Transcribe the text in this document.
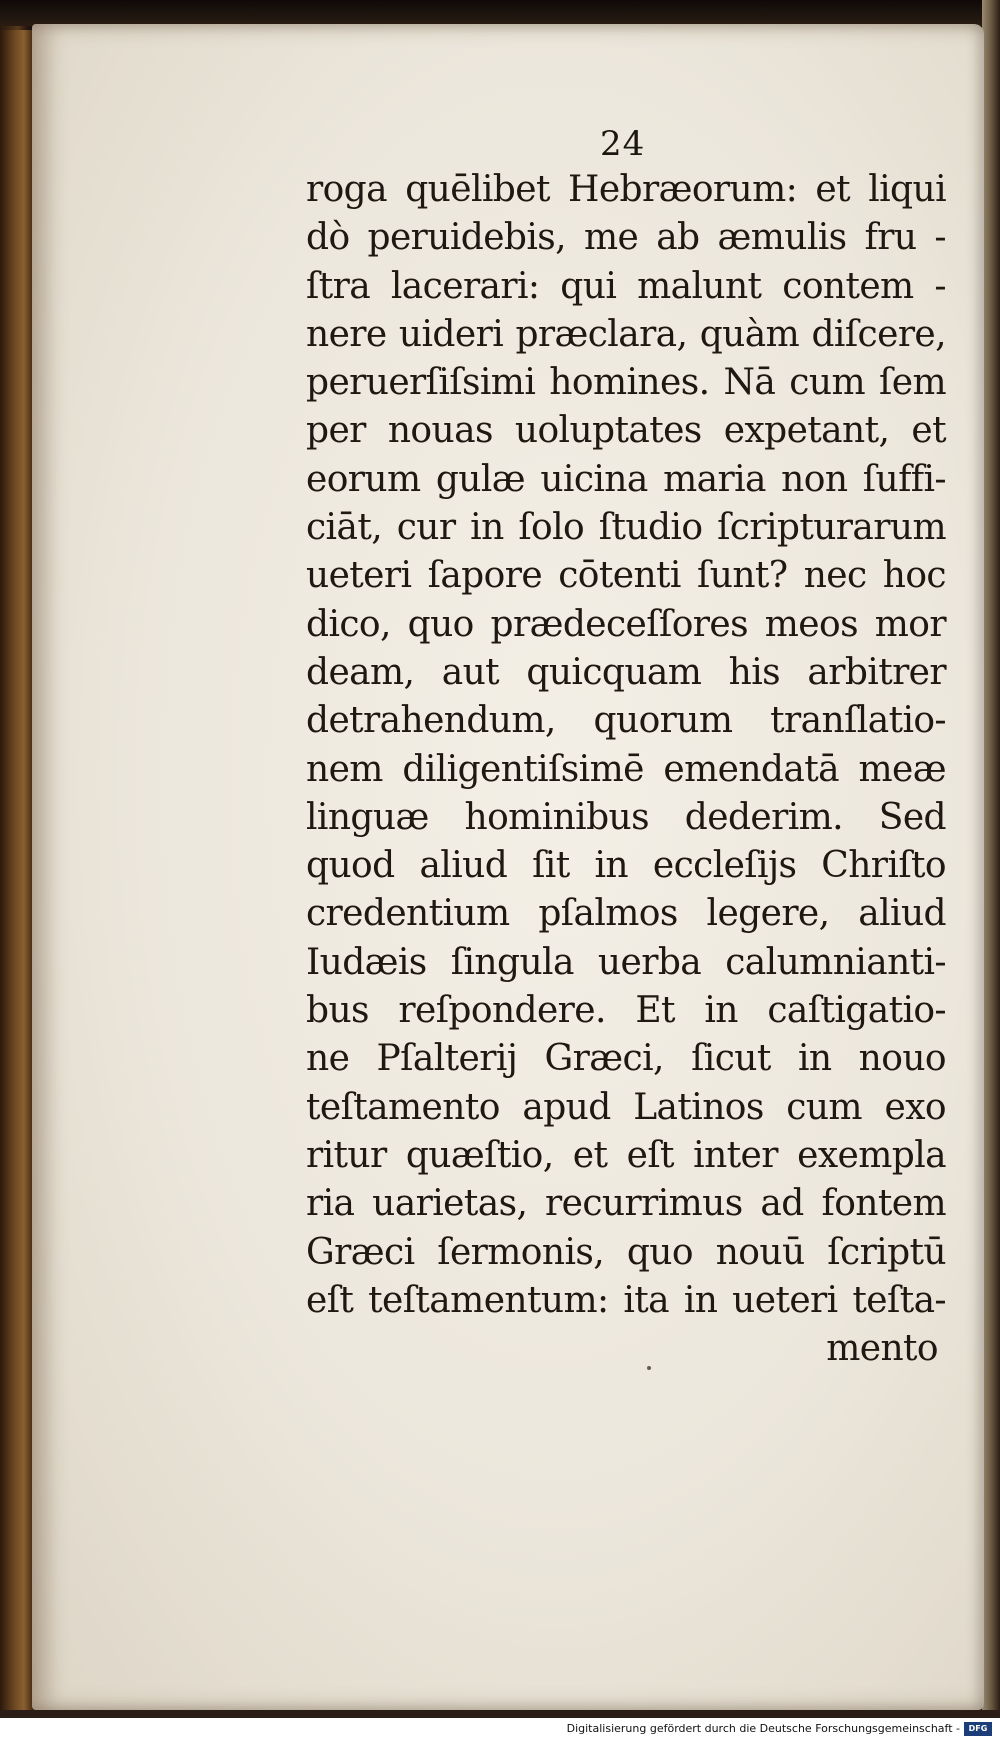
24
roga quēlibet Hebræorum: et liqui
dò peruidebis, me ab æmulis fru -
ſtra lacerari: qui malunt contem -
nere uideri præclara, quàm diſcere,
peruerſiſsimi homines. Nā cum ſem
per nouas uoluptates expetant, et
eorum gulæ uicina maria non ſuffi-
ciāt, cur in ſolo ſtudio ſcripturarum
ueteri ſapore cōtenti ſunt? nec hoc
dico, quo prædeceſſores meos mor
deam, aut quicquam his arbitrer
detrahendum, quorum tranſlatio-
nem diligentiſsimē emendatā meæ
linguæ hominibus dederim. Sed
quod aliud ſit in eccleſijs Chriſto
credentium pſalmos legere, aliud
Iudæis ſingula uerba calumnianti-
bus reſpondere. Et in caſtigatio-
ne Pſalterij Græci, ſicut in nouo
teſtamento apud Latinos cum exo
ritur quæſtio, et eſt inter exempla
ria uarietas, recurrimus ad fontem
Græci ſermonis, quo nouū ſcriptū
eſt teſtamentum: ita in ueteri teſta-
mento
Digitalisierung gefördert durch die Deutsche Forschungsgemeinschaft -	DFG
